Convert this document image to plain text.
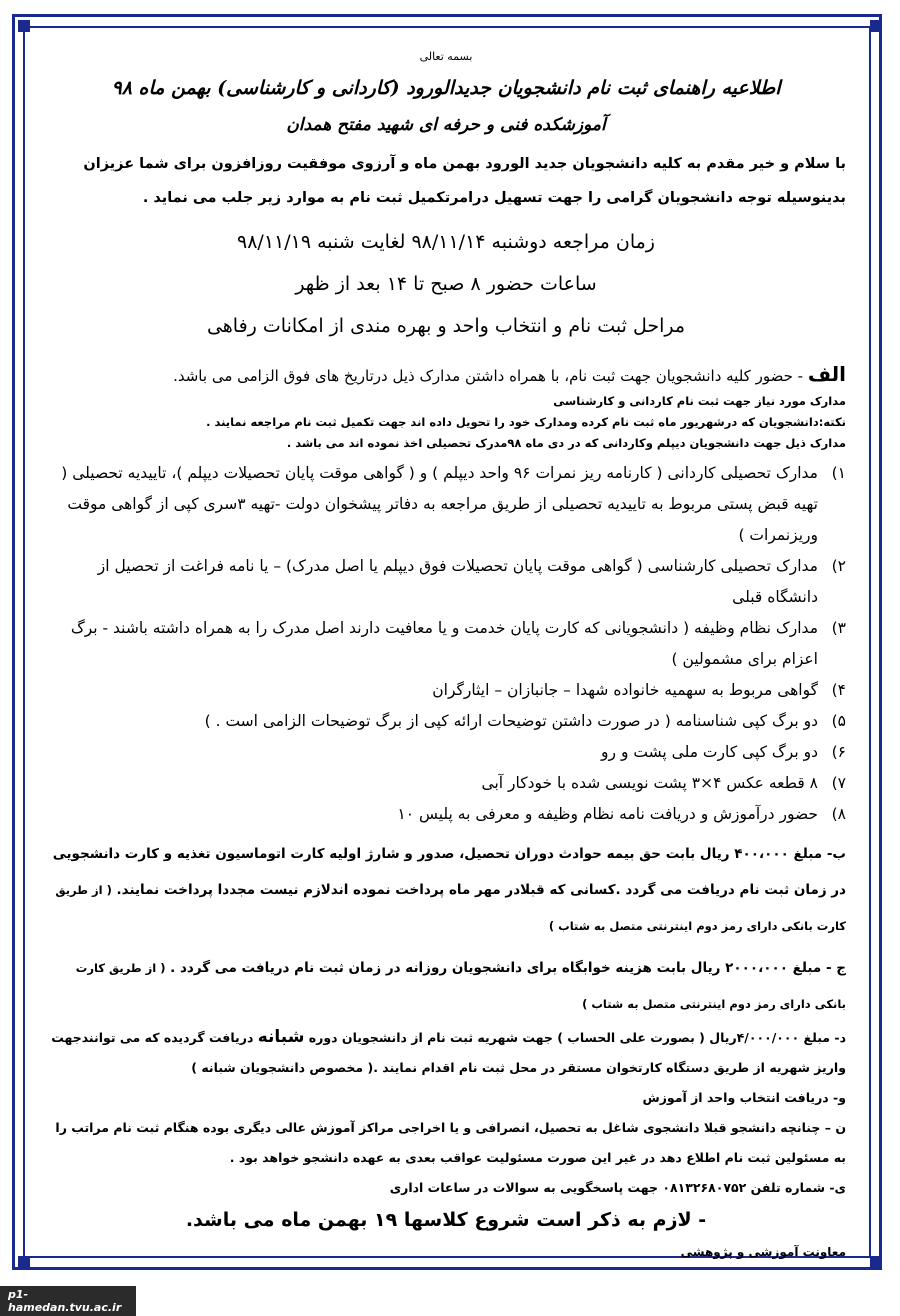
بسمه تعالی
اطلاعیه راهنمای ثبت نام دانشجویان جدیدالورود (کاردانی و کارشناسی) بهمن ماه ۹۸
آموزشکده فنی و حرفه ای شهید مفتح همدان
با سلام و خیر مقدم به کلیه دانشجویان جدید الورود بهمن ماه و آرزوی موفقیت روزافزون برای شما عزیزان بدینوسیله توجه دانشجویان گرامی را جهت تسهیل درامرتکمیل ثبت نام به موارد زیر جلب می نماید .
زمان مراجعه دوشنبه ۹۸/۱۱/۱۴ لغایت شنبه ۹۸/۱۱/۱۹
ساعات حضور ۸ صبح تا ۱۴ بعد از ظهر
مراحل ثبت نام و انتخاب واحد و بهره مندی از امکانات رفاهی
الف - حضور کلیه دانشجویان جهت ثبت نام، با همراه داشتن مدارک ذیل درتاریخ های فوق الزامی می باشد.
مدارک مورد نیاز جهت ثبت نام کاردانی و کارشناسی
نکته:دانشجویان که درشهریور ماه ثبت نام کرده ومدارک خود را تحویل داده اند جهت تکمیل ثبت نام مراجعه نمایند .
مدارک ذیل جهت دانشجویان دیپلم وکاردانی که در دی ماه ۹۸مدرک تحصیلی اخذ نموده اند می باشد .
۱)
مدارک تحصیلی کاردانی ( کارنامه ریز نمرات ۹۶ واحد دیپلم ) و ( گواهی موقت پایان تحصیلات دیپلم )، تاییدیه تحصیلی ( تهیه قبض پستی مربوط به تاییدیه تحصیلی از طریق مراجعه به دفاتر پیشخوان دولت -تهیه ۳سری کپی از گواهی موقت وریزنمرات )
۲)
مدارک تحصیلی کارشناسی ( گواهی موقت پایان تحصیلات فوق دیپلم یا اصل مدرک) – یا نامه فراغت از تحصیل از دانشگاه قبلی
۳)
مدارک نظام وظیفه ( دانشجویانی که کارت پایان خدمت و یا معافیت دارند اصل مدرک را به همراه داشته باشند - برگ اعزام برای مشمولین )
۴)
گواهی مربوط به سهمیه خانواده شهدا – جانبازان – ایثارگران
۵)
دو برگ کپی شناسنامه ( در صورت داشتن توضیحات ارائه کپی از برگ توضیحات الزامی است . )
۶)
دو برگ کپی کارت ملی پشت و رو
۷)
۸ قطعه عکس ۴×۳ پشت نویسی شده با خودکار آبی
۸)
حضور درآموزش و دریافت نامه نظام وظیفه و معرفی به پلیس ۱۰
ب- مبلغ ۴۰۰،۰۰۰ ریال بابت حق بیمه حوادث دوران تحصیل، صدور و شارژ اولیه کارت اتوماسیون تغذیه و کارت دانشجویی در زمان ثبت نام دریافت می گردد .کسانی که قبلادر مهر ماه پرداخت نموده اندلازم نیست مجددا پرداخت نمایند. ( از طریق کارت بانکی دارای رمز دوم اینترنتی متصل به شتاب )
ج - مبلغ ۲۰۰۰،۰۰۰ ریال بابت هزینه خوابگاه برای دانشجویان روزانه در زمان ثبت نام دریافت می گردد . ( از طریق کارت بانکی دارای رمز دوم اینترنتی متصل به شتاب )
د- مبلغ ۴/۰۰۰/۰۰۰ریال ( بصورت علی الحساب ) جهت شهریه ثبت نام از دانشجویان دوره شبانه دریافت گردیده که می توانندجهت واریز شهریه از طریق دستگاه کارتخوان مستقر در محل ثبت نام اقدام نمایند .( مخصوص دانشجویان شبانه )
و- دریافت انتخاب واحد از آموزش
ن – چنانچه دانشجو قبلا دانشجوی شاغل به تحصیل، انصرافی و یا اخراجی مراکز آموزش عالی دیگری بوده هنگام ثبت نام مراتب را به مسئولین ثبت نام اطلاع دهد در غیر این صورت مسئولیت عواقب بعدی به عهده دانشجو خواهد بود .
ی- شماره تلفن ۰۸۱۳۲۶۸۰۷۵۲ جهت پاسخگویی به سوالات در ساعات اداری
- لازم به ذکر است شروع کلاسها ۱۹ بهمن ماه می باشد.
معاونت آموزشی و پژوهشی
p1-hamedan.tvu.ac.ir
